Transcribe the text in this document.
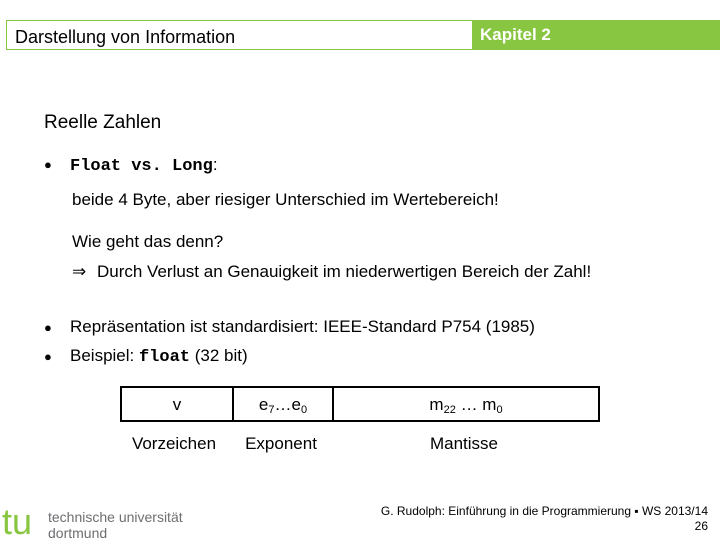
Darstellung von Information	Kapitel 2
Reelle Zahlen
● Float vs. Long:
beide 4 Byte, aber riesiger Unterschied im Wertebereich!
Wie geht das denn?
⇒ Durch Verlust an Genauigkeit im niederwertigen Bereich der Zahl!
● Repräsentation ist standardisiert: IEEE-Standard P754 (1985)
● Beispiel: float (32 bit)
v	$e_7\dots e_0$	$m_{22}$ … $m_0$
Vorzeichen	Exponent	Mantisse
tu technische universität
dortmund
G. Rudolph: Einführung in die Programmierung ▪ WS 2013/14
26
